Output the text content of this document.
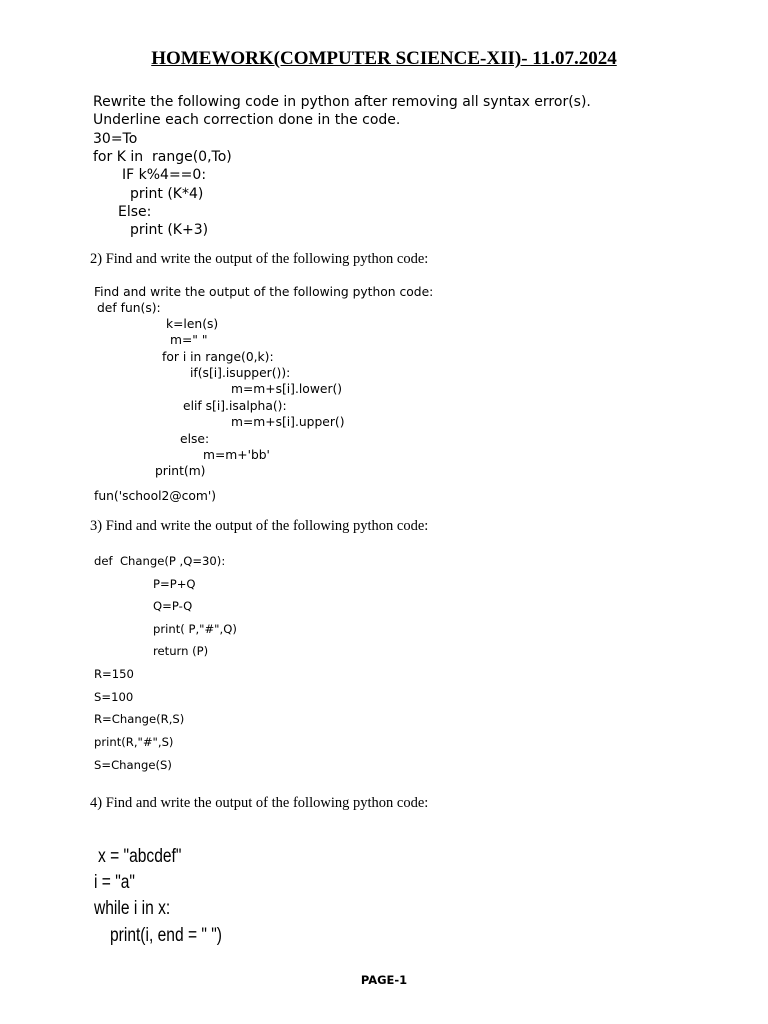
HOMEWORK(COMPUTER SCIENCE-XII)- 11.07.2024
Rewrite the following code in python after removing all syntax error(s).
Underline each correction done in the code.
30=To
for K in  range(0,To)
IF k%4==0:
print (K*4)
Else:
print (K+3)
2) Find and write the output of the following python code:
Find and write the output of the following python code:
def fun(s):
k=len(s)
m=" "
for i in range(0,k):
if(s[i].isupper()):
m=m+s[i].lower()
elif s[i].isalpha():
m=m+s[i].upper()
else:
m=m+'bb'
print(m)
fun('school2@com')
3) Find and write the output of the following python code:
def  Change(P ,Q=30):
P=P+Q
Q=P-Q
print( P,"#",Q)
return (P)
R=150
S=100
R=Change(R,S)
print(R,"#",S)
S=Change(S)
4) Find and write the output of the following python code:
x = "abcdef"
i = "a"
while i in x:
print(i, end = " ")
PAGE-1
